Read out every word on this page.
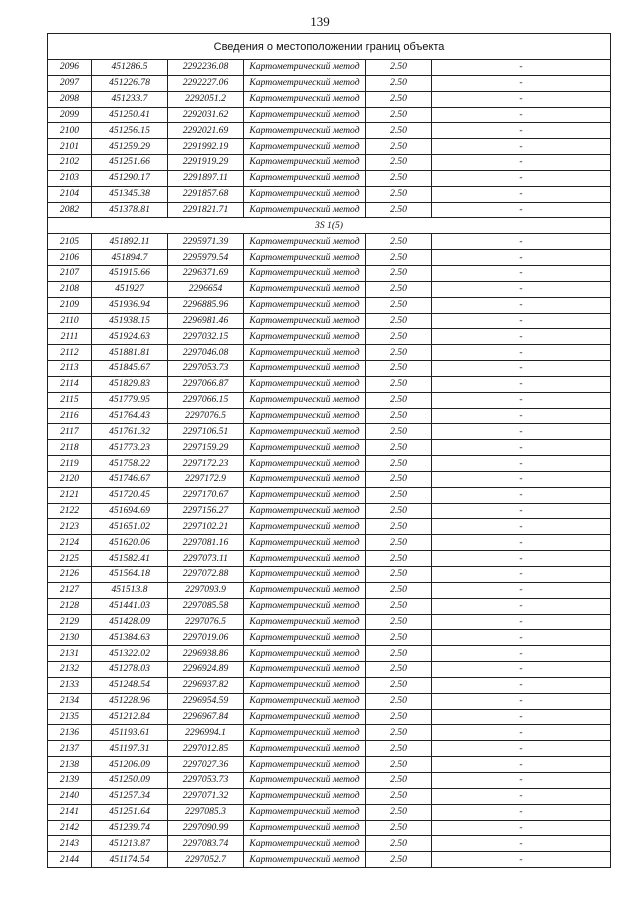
139
Сведения о местоположении границ объекта					
2096	451286.5	2292236.08	Картометрический метод	2.50	-
2097	451226.78	2292227.06	Картометрический метод	2.50	-
2098	451233.7	2292051.2	Картометрический метод	2.50	-
2099	451250.41	2292031.62	Картометрический метод	2.50	-
2100	451256.15	2292021.69	Картометрический метод	2.50	-
2101	451259.29	2291992.19	Картометрический метод	2.50	-
2102	451251.66	2291919.29	Картометрический метод	2.50	-
2103	451290.17	2291897.11	Картометрический метод	2.50	-
2104	451345.38	2291857.68	Картометрический метод	2.50	-
2082	451378.81	2291821.71	Картометрический метод	2.50	-
3S 1(5)					
2105	451892.11	2295971.39	Картометрический метод	2.50	-
2106	451894.7	2295979.54	Картометрический метод	2.50	-
2107	451915.66	2296371.69	Картометрический метод	2.50	-
2108	451927	2296654	Картометрический метод	2.50	-
2109	451936.94	2296885.96	Картометрический метод	2.50	-
2110	451938.15	2296981.46	Картометрический метод	2.50	-
2111	451924.63	2297032.15	Картометрический метод	2.50	-
2112	451881.81	2297046.08	Картометрический метод	2.50	-
2113	451845.67	2297053.73	Картометрический метод	2.50	-
2114	451829.83	2297066.87	Картометрический метод	2.50	-
2115	451779.95	2297066.15	Картометрический метод	2.50	-
2116	451764.43	2297076.5	Картометрический метод	2.50	-
2117	451761.32	2297106.51	Картометрический метод	2.50	-
2118	451773.23	2297159.29	Картометрический метод	2.50	-
2119	451758.22	2297172.23	Картометрический метод	2.50	-
2120	451746.67	2297172.9	Картометрический метод	2.50	-
2121	451720.45	2297170.67	Картометрический метод	2.50	-
2122	451694.69	2297156.27	Картометрический метод	2.50	-
2123	451651.02	2297102.21	Картометрический метод	2.50	-
2124	451620.06	2297081.16	Картометрический метод	2.50	-
2125	451582.41	2297073.11	Картометрический метод	2.50	-
2126	451564.18	2297072.88	Картометрический метод	2.50	-
2127	451513.8	2297093.9	Картометрический метод	2.50	-
2128	451441.03	2297085.58	Картометрический метод	2.50	-
2129	451428.09	2297076.5	Картометрический метод	2.50	-
2130	451384.63	2297019.06	Картометрический метод	2.50	-
2131	451322.02	2296938.86	Картометрический метод	2.50	-
2132	451278.03	2296924.89	Картометрический метод	2.50	-
2133	451248.54	2296937.82	Картометрический метод	2.50	-
2134	451228.96	2296954.59	Картометрический метод	2.50	-
2135	451212.84	2296967.84	Картометрический метод	2.50	-
2136	451193.61	2296994.1	Картометрический метод	2.50	-
2137	451197.31	2297012.85	Картометрический метод	2.50	-
2138	451206.09	2297027.36	Картометрический метод	2.50	-
2139	451250.09	2297053.73	Картометрический метод	2.50	-
2140	451257.34	2297071.32	Картометрический метод	2.50	-
2141	451251.64	2297085.3	Картометрический метод	2.50	-
2142	451239.74	2297090.99	Картометрический метод	2.50	-
2143	451213.87	2297083.74	Картометрический метод	2.50	-
2144	451174.54	2297052.7	Картометрический метод	2.50	-
